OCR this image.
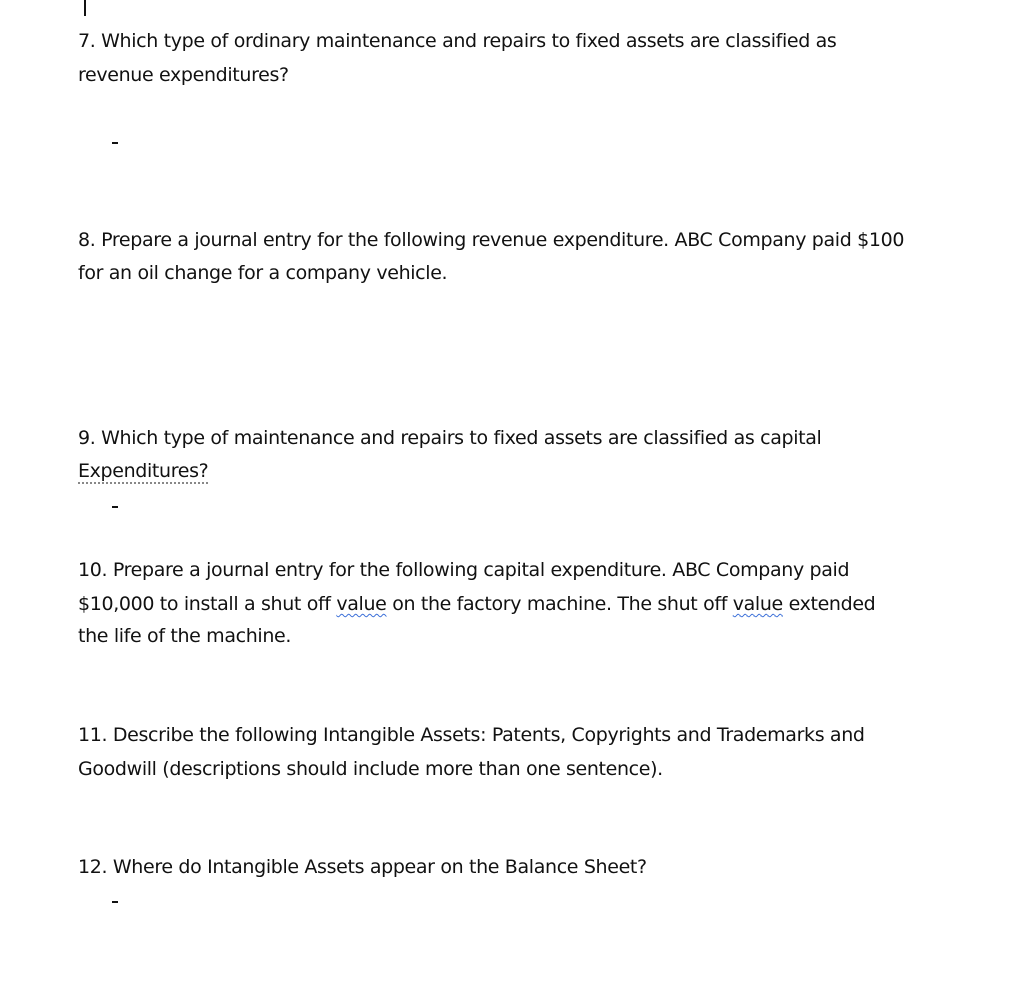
7. Which type of ordinary maintenance and repairs to fixed assets are classified as

revenue expenditures?

8. Prepare a journal entry for the following revenue expenditure. ABC Company paid $100

for an oil change for a company vehicle.

9. Which type of maintenance and repairs to fixed assets are classified as capital

Expenditures?

10. Prepare a journal entry for the following capital expenditure. ABC Company paid

$10,000 to install a shut off value on the factory machine. The shut off value extended

the life of the machine.

11. Describe the following Intangible Assets: Patents, Copyrights and Trademarks and

Goodwill (descriptions should include more than one sentence).

12. Where do Intangible Assets appear on the Balance Sheet?
